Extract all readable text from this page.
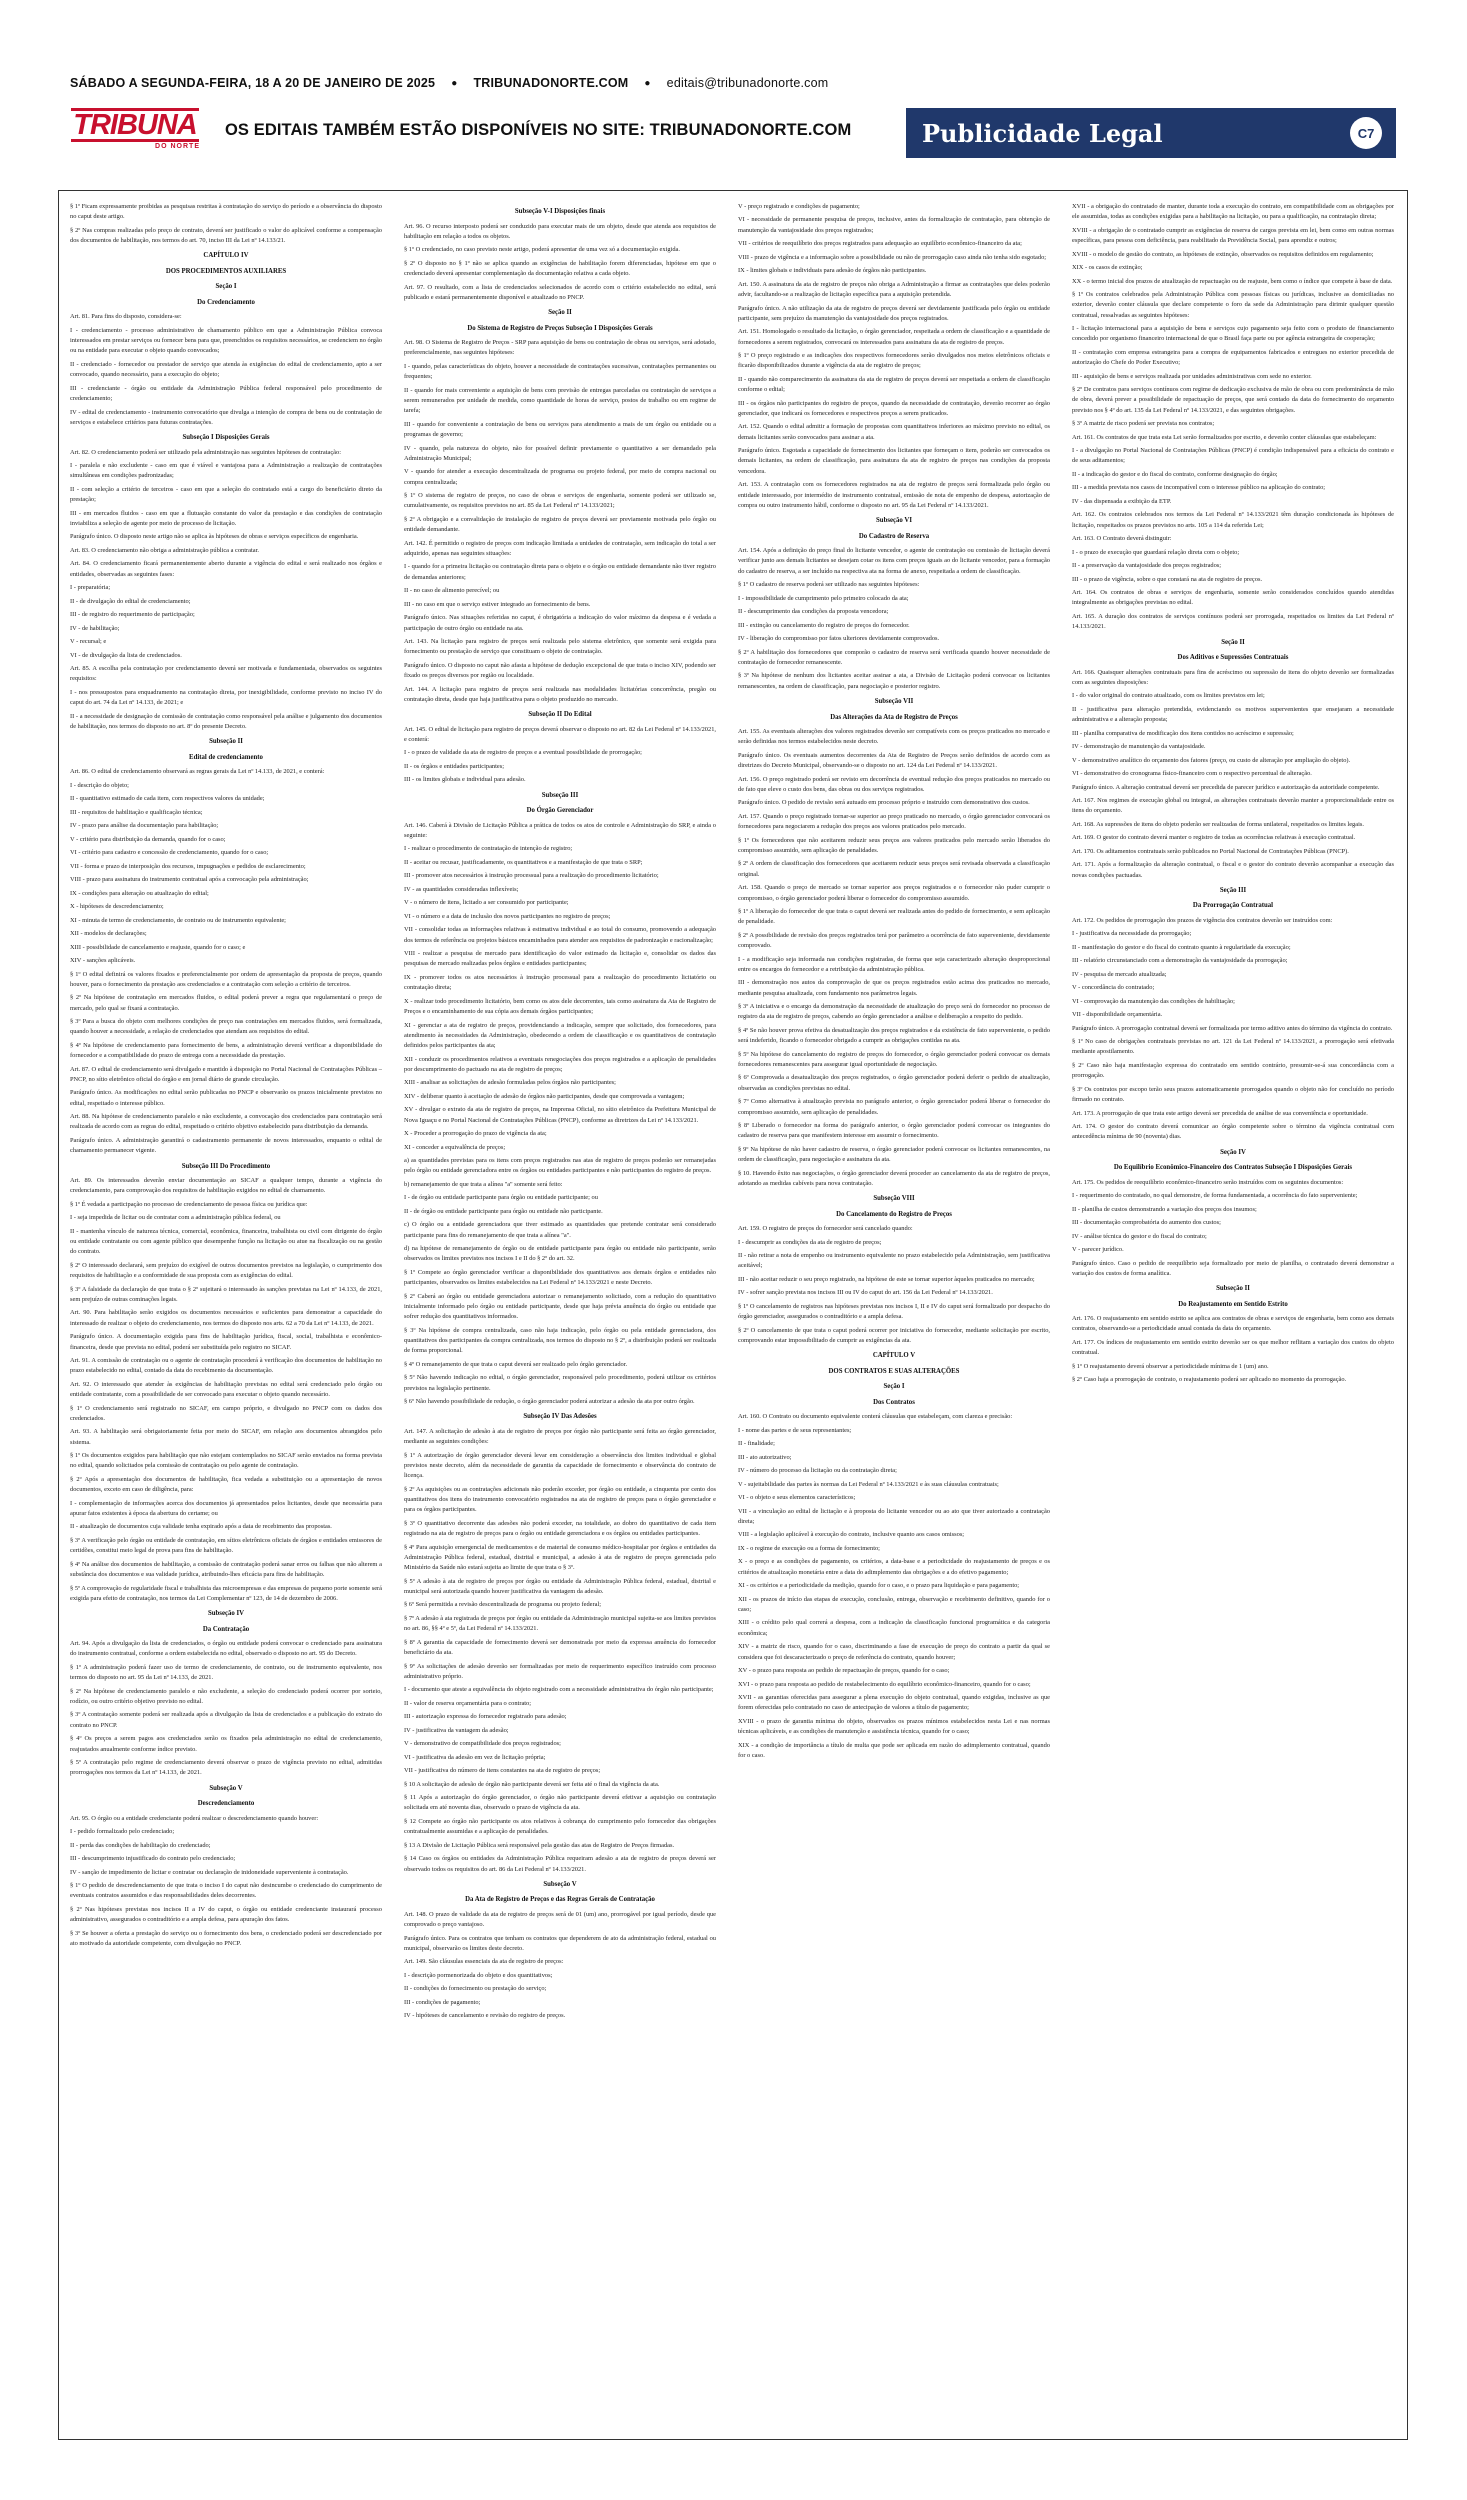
SÁBADO A SEGUNDA-FEIRA, 18 A 20 DE JANEIRO DE 2025 ● TRIBUNADONORTE.COM ● editais@tribunadonorte.com
TRIBUNA
DO NORTE
OS EDITAIS TAMBÉM ESTÃO DISPONÍVEIS NO SITE: TRIBUNADONORTE.COM	Publicidade Legal	C7

§ 1º Ficam expressamente proibidas as pesquisas restritas à contratação do serviço do período e a observância do disposto no caput deste artigo.

§ 2º Nas compras realizadas pelo preço de contrato, deverá ser justificado o valor do aplicável conforme a compensação dos documentos de habilitação, nos termos do art. 70, inciso III da Lei nº 14.133/21.

CAPÍTULO IV
DOS PROCEDIMENTOS AUXILIARES
Seção I
Do Credenciamento

Art. 81. Para fins do disposto, considera-se:

I - credenciamento - processo administrativo de chamamento público em que a Administração Pública convoca interessados em prestar serviços ou fornecer bens para que, preenchidos os requisitos necessários, se credenciem no órgão ou na entidade para executar o objeto quando convocados;

II - credenciado - fornecedor ou prestador de serviço que atenda às exigências do edital de credenciamento, apto a ser convocado, quando necessário, para a execução do objeto;

III - credenciante - órgão ou entidade da Administração Pública federal responsável pelo procedimento de credenciamento;

IV - edital de credenciamento - instrumento convocatório que divulga a intenção de compra de bens ou de contratação de serviços e estabelece critérios para futuras contratações.

Subseção I Disposições Gerais

Art. 82. O credenciamento poderá ser utilizado pela administração nas seguintes hipóteses de contratação:

I - paralela e não excludente - caso em que é viável e vantajosa para a Administração a realização de contratações simultâneas em condições padronizadas;

II - com seleção a critério de terceiros - caso em que a seleção do contratado está a cargo do beneficiário direto da prestação;

III - em mercados fluidos - caso em que a flutuação constante do valor da prestação e das condições de contratação inviabiliza a seleção de agente por meio de processo de licitação.

Parágrafo único. O disposto neste artigo não se aplica às hipóteses de obras e serviços específicos de engenharia.

Art. 83. O credenciamento não obriga a administração pública a contratar.

Art. 84. O credenciamento ficará permanentemente aberto durante a vigência do edital e será realizado nos órgãos e entidades, observadas as seguintes fases:

I - preparatória;

II - de divulgação do edital de credenciamento;

III - de registro do requerimento de participação;

IV - de habilitação;

V - recursal; e

VI - de divulgação da lista de credenciados.

Art. 85. A escolha pela contratação por credenciamento deverá ser motivada e fundamentada, observados os seguintes requisitos:

I - nos pressupostos para enquadramento na contratação direta, por inexigibilidade, conforme previsto no inciso IV do caput do art. 74 da Lei nº 14.133, de 2021; e

II - a necessidade de designação de comissão de contratação como responsável pela análise e julgamento dos documentos de habilitação, nos termos do disposto no art. 8º do presente Decreto.

Subseção II
Edital de credenciamento

Art. 86. O edital de credenciamento observará as regras gerais da Lei nº 14.133, de 2021, e conterá:

I - descrição do objeto;

II - quantitativo estimado de cada item, com respectivos valores da unidade;

III - requisitos de habilitação e qualificação técnica;

IV - prazo para análise da documentação para habilitação;

V - critério para distribuição da demanda, quando for o caso;

VI - critério para cadastro e concessão de credenciamento, quando for o caso;

VII - forma e prazo de interposição dos recursos, impugnações e pedidos de esclarecimento;

VIII - prazo para assinatura do instrumento contratual após a convocação pela administração;

IX - condições para alteração ou atualização do edital;

X - hipóteses de descredenciamento;

XI - minuta de termo de credenciamento, de contrato ou de instrumento equivalente;

XII - modelos de declarações;

XIII - possibilidade de cancelamento e reajuste, quando for o caso; e

XIV - sanções aplicáveis.

§ 1º O edital definirá os valores fixados e preferencialmente por ordem de apresentação da proposta de preços, quando houver, para o fornecimento da prestação aos credenciados e a contratação com seleção a critério de terceiros.

§ 2º Na hipótese de contratação em mercados fluidos, o edital poderá prever a regra que regulamentará o preço de mercado, pelo qual se fixará a contratação.

§ 3º Para a busca do objeto com melhores condições de preço nas contratações em mercados fluidos, será formalizada, quando houver a necessidade, a relação de credenciados que atendam aos requisitos do edital.

§ 4º Na hipótese de credenciamento para fornecimento de bens, a administração deverá verificar a disponibilidade do fornecedor e a compatibilidade do prazo de entrega com a necessidade da prestação.

Art. 87. O edital de credenciamento será divulgado e mantido à disposição no Portal Nacional de Contratações Públicas – PNCP, no sítio eletrônico oficial do órgão e em jornal diário de grande circulação.

Parágrafo único. As modificações no edital serão publicadas no PNCP e observarão os prazos inicialmente previstos no edital, respeitado o interesse público.

Art. 88. Na hipótese de credenciamento paralelo e não excludente, a convocação dos credenciados para contratação será realizada de acordo com as regras do edital, respeitado o critério objetivo estabelecido para distribuição da demanda.

Parágrafo único. A administração garantirá o cadastramento permanente de novos interessados, enquanto o edital de chamamento permanecer vigente.

Subseção III Do Procedimento

Art. 89. Os interessados deverão enviar documentação ao SICAF a qualquer tempo, durante a vigência do credenciamento, para comprovação dos requisitos de habilitação exigidos no edital de chamamento.

§ 1º É vedada a participação no processo de credenciamento de pessoa física ou jurídica que:

I - seja impedida de licitar ou de contratar com a administração pública federal, ou

II - mantenha vínculo de natureza técnica, comercial, econômica, financeira, trabalhista ou civil com dirigente do órgão ou entidade contratante ou com agente público que desempenhe função na licitação ou atue na fiscalização ou na gestão do contrato.

§ 2º O interessado declarará, sem prejuízo do exigível de outros documentos previstos na legislação, o cumprimento dos requisitos de habilitação e a conformidade de sua proposta com as exigências do edital.

§ 3º A falsidade da declaração de que trata o § 2º sujeitará o interessado às sanções previstas na Lei nº 14.133, de 2021, sem prejuízo de outras cominações legais.

Art. 90. Para habilitação serão exigidos os documentos necessários e suficientes para demonstrar a capacidade do interessado de realizar o objeto do credenciamento, nos termos do disposto nos arts. 62 a 70 da Lei nº 14.133, de 2021.

Parágrafo único. A documentação exigida para fins de habilitação jurídica, fiscal, social, trabalhista e econômico-financeira, desde que prevista no edital, poderá ser substituída pelo registro no SICAF.

Art. 91. A comissão de contratação ou o agente de contratação procederá à verificação dos documentos de habilitação no prazo estabelecido no edital, contado da data do recebimento da documentação.

Art. 92. O interessado que atender às exigências de habilitação previstas no edital será credenciado pelo órgão ou entidade contratante, com a possibilidade de ser convocado para executar o objeto quando necessário.

§ 1º O credenciamento será registrado no SICAF, em campo próprio, e divulgado no PNCP com os dados dos credenciados.

Art. 93. A habilitação será obrigatoriamente feita por meio do SICAF, em relação aos documentos abrangidos pelo sistema.

§ 1º Os documentos exigidos para habilitação que não estejam contemplados no SICAF serão enviados na forma prevista no edital, quando solicitados pela comissão de contratação ou pelo agente de contratação.

§ 2º Após a apresentação dos documentos de habilitação, fica vedada a substituição ou a apresentação de novos documentos, exceto em caso de diligência, para:

I - complementação de informações acerca dos documentos já apresentados pelos licitantes, desde que necessária para apurar fatos existentes à época da abertura do certame; ou

II - atualização de documentos cuja validade tenha expirado após a data de recebimento das propostas.

§ 3º A verificação pelo órgão ou entidade de contratação, em sítios eletrônicos oficiais de órgãos e entidades emissores de certidões, constitui meio legal de prova para fins de habilitação.

§ 4º Na análise dos documentos de habilitação, a comissão de contratação poderá sanar erros ou falhas que não alterem a substância dos documentos e sua validade jurídica, atribuindo-lhes eficácia para fins de habilitação.

§ 5º A comprovação de regularidade fiscal e trabalhista das microempresas e das empresas de pequeno porte somente será exigida para efeito de contratação, nos termos da Lei Complementar nº 123, de 14 de dezembro de 2006.

Subseção IV
Da Contratação

Art. 94. Após a divulgação da lista de credenciados, o órgão ou entidade poderá convocar o credenciado para assinatura do instrumento contratual, conforme a ordem estabelecida no edital, observado o disposto no art. 95 do Decreto.

§ 1º A administração poderá fazer uso de termo de credenciamento, de contrato, ou de instrumento equivalente, nos termos do disposto no art. 95 da Lei nº 14.133, de 2021.

§ 2º Na hipótese de credenciamento paralelo e não excludente, a seleção do credenciado poderá ocorrer por sorteio, rodízio, ou outro critério objetivo previsto no edital.

§ 3º A contratação somente poderá ser realizada após a divulgação da lista de credenciados e a publicação do extrato do contrato no PNCP.

§ 4º Os preços a serem pagos aos credenciados serão os fixados pela administração no edital de credenciamento, reajustados anualmente conforme índice previsto.

§ 5º A contratação pelo regime de credenciamento deverá observar o prazo de vigência previsto no edital, admitidas prorrogações nos termos da Lei nº 14.133, de 2021.

Subseção V
Descredenciamento

Art. 95. O órgão ou a entidade credenciante poderá realizar o descredenciamento quando houver:

I - pedido formalizado pelo credenciado;

II - perda das condições de habilitação do credenciado;

III - descumprimento injustificado do contrato pelo credenciado;

IV - sanção de impedimento de licitar e contratar ou declaração de inidoneidade superveniente à contratação.

§ 1º O pedido de descredenciamento de que trata o inciso I do caput não desincumbe o credenciado do cumprimento de eventuais contratos assumidos e das responsabilidades deles decorrentes.

§ 2º Nas hipóteses previstas nos incisos II a IV do caput, o órgão ou entidade credenciante instaurará processo administrativo, assegurados o contraditório e a ampla defesa, para apuração dos fatos.

§ 3º Se houver a oferta a prestação do serviço ou o fornecimento dos bens, o credenciado poderá ser descredenciado por ato motivado da autoridade competente, com divulgação no PNCP.

Subseção V-I Disposições finais

Art. 96. O recurso interposto poderá ser conduzido para executar mais de um objeto, desde que atenda aos requisitos de habilitação em relação a todos os objetos.

§ 1º O credenciado, no caso previsto neste artigo, poderá apresentar de uma vez só a documentação exigida.

§ 2º O disposto no § 1º não se aplica quando as exigências de habilitação forem diferenciadas, hipótese em que o credenciado deverá apresentar complementação da documentação relativa a cada objeto.

Art. 97. O resultado, com a lista de credenciados selecionados de acordo com o critério estabelecido no edital, será publicado e estará permanentemente disponível e atualizado no PNCP.

Seção II
Do Sistema de Registro de Preços Subseção I Disposições Gerais

Art. 98. O Sistema de Registro de Preços - SRP para aquisição de bens ou contratação de obras ou serviços, será adotado, preferencialmente, nas seguintes hipóteses:

I - quando, pelas características do objeto, houver a necessidade de contratações sucessivas, contratações permanentes ou frequentes;

II - quando for mais conveniente a aquisição de bens com previsão de entregas parceladas ou contratação de serviços a serem remunerados por unidade de medida, como quantidade de horas de serviço, postos de trabalho ou em regime de tarefa;

III - quando for conveniente a contratação de bens ou serviços para atendimento a mais de um órgão ou entidade ou a programas de governo;

IV - quando, pela natureza do objeto, não for possível definir previamente o quantitativo a ser demandado pela Administração Municipal;

V - quando for atender a execução descentralizada de programa ou projeto federal, por meio de compra nacional ou compra centralizada;

§ 1º O sistema de registro de preços, no caso de obras e serviços de engenharia, somente poderá ser utilizado se, cumulativamente, os requisitos previstos no art. 85 da Lei Federal nº 14.133/2021;

§ 2º A obrigação e a convalidação de instalação de registro de preços deverá ser previamente motivada pelo órgão ou entidade demandante.

Art. 142. É permitido o registro de preços com indicação limitada a unidades de contratação, sem indicação do total a ser adquirido, apenas nas seguintes situações:

I - quando for a primeira licitação ou contratação direta para o objeto e o órgão ou entidade demandante não tiver registro de demandas anteriores;

II - no caso de alimento perecível; ou

III - no caso em que o serviço estiver integrado ao fornecimento de bens.

Parágrafo único. Nas situações referidas no caput, é obrigatória a indicação do valor máximo da despesa e é vedada a participação de outro órgão ou entidade na ata.

Art. 143. Na licitação para registro de preços será realizada pelo sistema eletrônico, que somente será exigida para fornecimento ou prestação de serviço que constituam o objeto de contratação.

Parágrafo único. O disposto no caput não afasta a hipótese de dedução excepcional de que trata o inciso XIV, podendo ser fixado os preços diversos por região ou localidade.

Art. 144. A licitação para registro de preços será realizada nas modalidades licitatórias concorrência, pregão ou contratação direta, desde que haja justificativa para o objeto produzido no mercado.

Subseção II Do Edital

Art. 145. O edital de licitação para registro de preços deverá observar o disposto no art. 82 da Lei Federal nº 14.133/2021, e conterá:

I - o prazo de validade da ata de registro de preços e a eventual possibilidade de prorrogação;

II - os órgãos e entidades participantes;

III - os limites globais e individual para adesão.

Subseção III
Do Órgão Gerenciador

Art. 146. Caberá à Divisão de Licitação Pública a prática de todos os atos de controle e Administração do SRP, e ainda o seguinte:

I - realizar o procedimento de contratação de intenção de registro;

II - aceitar ou recusar, justificadamente, os quantitativos e a manifestação de que trata o SRP;

III - promover atos necessários à instrução processual para a realização do procedimento licitatório;

IV - as quantidades consideradas inflexíveis;

V - o número de itens, licitado a ser consumido por participante;

VI - o número e a data de inclusão dos novos participantes no registro de preços;

VII - consolidar todas as informações relativas à estimativa individual e ao total do consumo, promovendo a adequação dos termos de referência ou projetos básicos encaminhados para atender aos requisitos de padronização e racionalização;

VIII - realizar a pesquisa de mercado para identificação do valor estimado da licitação e, consolidar os dados das pesquisas de mercado realizadas pelos órgãos e entidades participantes;

IX - promover todos os atos necessários à instrução processual para a realização do procedimento licitatório ou contratação direta;

X - realizar todo procedimento licitatório, bem como os atos dele decorrentes, tais como assinatura da Ata de Registro de Preços e o encaminhamento de sua cópia aos demais órgãos participantes;

XI - gerenciar a ata de registro de preços, providenciando a indicação, sempre que solicitado, dos fornecedores, para atendimento às necessidades da Administração, obedecendo a ordem de classificação e os quantitativos de contratação definidos pelos participantes da ata;

XII - conduzir os procedimentos relativos a eventuais renegociações dos preços registrados e a aplicação de penalidades por descumprimento do pactuado na ata de registro de preços;

XIII - analisar as solicitações de adesão formuladas pelos órgãos não participantes;

XIV - deliberar quanto à aceitação de adesão de órgãos não participantes, desde que comprovada a vantagem;

XV - divulgar o extrato da ata de registro de preços, na Imprensa Oficial, no sítio eletrônico da Prefeitura Municipal de Nova Iguaçu e no Portal Nacional de Contratações Públicas (PNCP), conforme as diretrizes da Lei nº 14.133/2021.

X - Proceder a prorrogação do prazo de vigência da ata;

XI - conceder a equivalência de preços;

a) as quantidades previstas para os itens com preços registrados nas atas de registro de preços poderão ser remanejadas pelo órgão ou entidade gerenciadora entre os órgãos ou entidades participantes e não participantes do registro de preços.

b) remanejamento de que trata a alínea "a" somente será feito:

I - de órgão ou entidade participante para órgão ou entidade participante; ou

II - de órgão ou entidade participante para órgão ou entidade não participante.

c) O órgão ou a entidade gerenciadora que tiver estimado as quantidades que pretende contratar será considerado participante para fins do remanejamento de que trata a alínea "a".

d) na hipótese de remanejamento de órgão ou de entidade participante para órgão ou entidade não participante, serão observados os limites previstos nos incisos I e II do § 2º do art. 32.

§ 1º Compete ao órgão gerenciador verificar a disponibilidade dos quantitativos aos demais órgãos e entidades não participantes, observados os limites estabelecidos na Lei Federal nº 14.133/2021 e neste Decreto.

§ 2º Caberá ao órgão ou entidade gerenciadora autorizar o remanejamento solicitado, com a redução do quantitativo inicialmente informado pelo órgão ou entidade participante, desde que haja prévia anuência do órgão ou entidade que sofrer redução dos quantitativos informados.

§ 3º Na hipótese de compra centralizada, caso não haja indicação, pelo órgão ou pela entidade gerenciadora, dos quantitativos dos participantes da compra centralizada, nos termos do disposto no § 2º, a distribuição poderá ser realizada de forma proporcional.

§ 4º O remanejamento de que trata o caput deverá ser realizado pelo órgão gerenciador.

§ 5º Não havendo indicação no edital, o órgão gerenciador, responsável pelo procedimento, poderá utilizar os critérios previstos na legislação pertinente.

§ 6º Não havendo possibilidade de redução, o órgão gerenciador poderá autorizar a adesão da ata por outro órgão.

Subseção IV Das Adesões

Art. 147. A solicitação de adesão à ata de registro de preços por órgão não participante será feita ao órgão gerenciador, mediante as seguintes condições:

§ 1º A autorização de órgão gerenciador deverá levar em consideração a observância dos limites individual e global previstos neste decreto, além da necessidade de garantia da capacidade de fornecimento e observância do contrato de licença.

§ 2º As aquisições ou as contratações adicionais não poderão exceder, por órgão ou entidade, a cinquenta por cento dos quantitativos dos itens do instrumento convocatório registrados na ata de registro de preços para o órgão gerenciador e para os órgãos participantes.

§ 3º O quantitativo decorrente das adesões não poderá exceder, na totalidade, ao dobro do quantitativo de cada item registrado na ata de registro de preços para o órgão ou entidade gerenciadora e os órgãos ou entidades participantes.

§ 4º Para aquisição emergencial de medicamentos e de material de consumo médico-hospitalar por órgãos e entidades da Administração Pública federal, estadual, distrital e municipal, a adesão à ata de registro de preços gerenciada pelo Ministério da Saúde não estará sujeita ao limite de que trata o § 3º.

§ 5º A adesão à ata de registro de preços por órgão ou entidade da Administração Pública federal, estadual, distrital e municipal será autorizada quando houver justificativa da vantagem da adesão.

§ 6º Será permitida a revisão descentralizada de programa ou projeto federal;

§ 7º A adesão à ata registrada de preços por órgão ou entidade da Administração municipal sujeita-se aos limites previstos no art. 86, §§ 4º e 5º, da Lei Federal nº 14.133/2021.

§ 8º A garantia da capacidade de fornecimento deverá ser demonstrada por meio da expressa anuência do fornecedor beneficiário da ata.

§ 9º As solicitações de adesão deverão ser formalizadas por meio de requerimento específico instruído com processo administrativo próprio.

I - documento que ateste a equivalência do objeto registrado com a necessidade administrativa do órgão não participante;

II - valor de reserva orçamentária para o contrato;

III - autorização expressa do fornecedor registrado para adesão;

IV - justificativa da vantagem da adesão;

V - demonstrativo de compatibilidade dos preços registrados;

VI - justificativa da adesão em vez de licitação própria;

VII - justificativa do número de itens constantes na ata de registro de preços;

§ 10 A solicitação de adesão de órgão não participante deverá ser feita até o final da vigência da ata.

§ 11 Após a autorização do órgão gerenciador, o órgão não participante deverá efetivar a aquisição ou contratação solicitada em até noventa dias, observado o prazo de vigência da ata.

§ 12 Compete ao órgão não participante os atos relativos à cobrança do cumprimento pelo fornecedor das obrigações contratualmente assumidas e a aplicação de penalidades.

§ 13 A Divisão de Licitação Pública será responsável pela gestão das atas de Registro de Preços firmadas.

§ 14 Caso os órgãos ou entidades da Administração Pública requeiram adesão a ata de registro de preços deverá ser observado todos os requisitos do art. 86 da Lei Federal nº 14.133/2021.

Subseção V
Da Ata de Registro de Preços e das Regras Gerais de Contratação

Art. 148. O prazo de validade da ata de registro de preços será de 01 (um) ano, prorrogável por igual período, desde que comprovado o preço vantajoso.

Parágrafo único. Para os contratos que tenham os contratos que dependerem de ato da administração federal, estadual ou municipal, observarão os limites deste decreto.

Art. 149. São cláusulas essenciais da ata de registro de preços:

I - descrição pormenorizada do objeto e dos quantitativos;

II - condições do fornecimento ou prestação do serviço;

III - condições de pagamento;

IV - hipóteses de cancelamento e revisão do registro de preços.

V - preço registrado e condições de pagamento;

VI - necessidade de permanente pesquisa de preços, inclusive, antes da formalização de contratação, para obtenção de manutenção da vantajosidade dos preços registrados;

VII - critérios de reequilíbrio dos preços registrados para adequação ao equilíbrio econômico-financeiro da ata;

VIII - prazo de vigência e a informação sobre a possibilidade ou não de prorrogação caso ainda não tenha sido esgotado;

IX - limites globais e individuais para adesão de órgãos não participantes.

Art. 150. A assinatura da ata de registro de preços não obriga a Administração a firmar as contratações que deles poderão advir, facultando-se a realização de licitação específica para a aquisição pretendida.

Parágrafo único. A não utilização da ata de registro de preços deverá ser devidamente justificada pelo órgão ou entidade participante, sem prejuízo da manutenção da vantajosidade dos preços registrados.

Art. 151. Homologado o resultado da licitação, o órgão gerenciador, respeitada a ordem de classificação e a quantidade de fornecedores a serem registrados, convocará os interessados para assinatura da ata de registro de preços.

§ 1º O preço registrado e as indicações dos respectivos fornecedores serão divulgados nos meios eletrônicos oficiais e ficarão disponibilizados durante a vigência da ata de registro de preços;

II - quando não comparecimento da assinatura da ata de registro de preços deverá ser respeitada a ordem de classificação conforme o edital;

III - os órgãos não participantes do registro de preços, quando da necessidade de contratação, deverão recorrer ao órgão gerenciador, que indicará os fornecedores e respectivos preços a serem praticados.

Art. 152. Quando o edital admitir a formação de propostas com quantitativos inferiores ao máximo previsto no edital, os demais licitantes serão convocados para assinar a ata.

Parágrafo único. Esgotada a capacidade de fornecimento dos licitantes que forneçam o item, poderão ser convocados os demais licitantes, na ordem de classificação, para assinatura da ata de registro de preços nas condições da proposta vencedora.

Art. 153. A contratação com os fornecedores registrados na ata de registro de preços será formalizada pelo órgão ou entidade interessado, por intermédio de instrumento contratual, emissão de nota de empenho de despesa, autorização de compra ou outro instrumento hábil, conforme o disposto no art. 95 da Lei Federal nº 14.133/2021.

Subseção VI
Do Cadastro de Reserva

Art. 154. Após a definição do preço final do licitante vencedor, o agente de contratação ou comissão de licitação deverá verificar junto aos demais licitantes se desejam cotar os itens com preços iguais ao do licitante vencedor, para a formação do cadastro de reserva, a ser incluído na respectiva ata na forma de anexo, respeitada a ordem de classificação.

§ 1º O cadastro de reserva poderá ser utilizado nas seguintes hipóteses:

I - impossibilidade de cumprimento pelo primeiro colocado da ata;

II - descumprimento das condições da proposta vencedora;

III - extinção ou cancelamento do registro de preços do fornecedor.

IV - liberação do compromisso por fatos ulteriores devidamente comprovados.

§ 2º A habilitação dos fornecedores que comporão o cadastro de reserva será verificada quando houver necessidade de contratação de fornecedor remanescente.

§ 3º Na hipótese de nenhum dos licitantes aceitar assinar a ata, a Divisão de Licitação poderá convocar os licitantes remanescentes, na ordem de classificação, para negociação e posterior registro.

Subseção VII
Das Alterações da Ata de Registro de Preços

Art. 155. As eventuais alterações dos valores registrados deverão ser compatíveis com os preços praticados no mercado e serão definidas nos termos estabelecidos neste decreto.

Parágrafo único. Os eventuais aumentos decorrentes da Ata de Registro de Preços serão definidos de acordo com as diretrizes do Decreto Municipal, observando-se o disposto no art. 124 da Lei Federal nº 14.133/2021.

Art. 156. O preço registrado poderá ser revisto em decorrência de eventual redução dos preços praticados no mercado ou de fato que eleve o custo dos bens, das obras ou dos serviços registrados.

Parágrafo único. O pedido de revisão será autuado em processo próprio e instruído com demonstrativo dos custos.

Art. 157. Quando o preço registrado tornar-se superior ao preço praticado no mercado, o órgão gerenciador convocará os fornecedores para negociarem a redução dos preços aos valores praticados pelo mercado.

§ 1º Os fornecedores que não aceitarem reduzir seus preços aos valores praticados pelo mercado serão liberados do compromisso assumido, sem aplicação de penalidades.

§ 2º A ordem de classificação dos fornecedores que aceitarem reduzir seus preços será revisada observada a classificação original.

Art. 158. Quando o preço de mercado se tornar superior aos preços registrados e o fornecedor não puder cumprir o compromisso, o órgão gerenciador poderá liberar o fornecedor do compromisso assumido.

§ 1º A liberação do fornecedor de que trata o caput deverá ser realizada antes do pedido de fornecimento, e sem aplicação de penalidade.

§ 2º A possibilidade de revisão dos preços registrados terá por parâmetro a ocorrência de fato superveniente, devidamente comprovado.

I - a modificação seja informada nas condições registradas, de forma que seja caracterizado alteração desproporcional entre os encargos do fornecedor e a retribuição da administração pública.

III - demonstração nos autos da comprovação de que os preços registrados estão acima dos praticados no mercado, mediante pesquisa atualizada, com fundamento nos parâmetros legais.

§ 3º A iniciativa e o encargo da demonstração da necessidade de atualização do preço será do fornecedor no processo de registro da ata de registro de preços, cabendo ao órgão gerenciador a análise e deliberação a respeito do pedido.

§ 4º Se não houver prova efetiva da desatualização dos preços registrados e da existência de fato superveniente, o pedido será indeferido, ficando o fornecedor obrigado a cumprir as obrigações contidas na ata.

§ 5º Na hipótese do cancelamento do registro de preços do fornecedor, o órgão gerenciador poderá convocar os demais fornecedores remanescentes para assegurar igual oportunidade de negociação.

§ 6º Comprovada a desatualização dos preços registrados, o órgão gerenciador poderá deferir o pedido de atualização, observadas as condições previstas no edital.

§ 7º Como alternativa à atualização prevista no parágrafo anterior, o órgão gerenciador poderá liberar o fornecedor do compromisso assumido, sem aplicação de penalidades.

§ 8º Liberado o fornecedor na forma do parágrafo anterior, o órgão gerenciador poderá convocar os integrantes do cadastro de reserva para que manifestem interesse em assumir o fornecimento.

§ 9º Na hipótese de não haver cadastro de reserva, o órgão gerenciador poderá convocar os licitantes remanescentes, na ordem de classificação, para negociação e assinatura da ata.

§ 10. Havendo êxito nas negociações, o órgão gerenciador deverá proceder ao cancelamento da ata de registro de preços, adotando as medidas cabíveis para nova contratação.

Subseção VIII
Do Cancelamento do Registro de Preços

Art. 159. O registro de preços do fornecedor será cancelado quando:

I - descumprir as condições da ata de registro de preços;

II - não retirar a nota de empenho ou instrumento equivalente no prazo estabelecido pela Administração, sem justificativa aceitável;

III - não aceitar reduzir o seu preço registrado, na hipótese de este se tornar superior àqueles praticados no mercado;

IV - sofrer sanção prevista nos incisos III ou IV do caput do art. 156 da Lei Federal nº 14.133/2021.

§ 1º O cancelamento de registros nas hipóteses previstas nos incisos I, II e IV do caput será formalizado por despacho do órgão gerenciador, assegurados o contraditório e a ampla defesa.

§ 2º O cancelamento de que trata o caput poderá ocorrer por iniciativa do fornecedor, mediante solicitação por escrito, comprovando estar impossibilitado de cumprir as exigências da ata.

CAPÍTULO V
DOS CONTRATOS E SUAS ALTERAÇÕES
Seção I
Dos Contratos

Art. 160. O Contrato ou documento equivalente conterá cláusulas que estabeleçam, com clareza e precisão:

I - nome das partes e de seus representantes;

II - finalidade;

III - ato autorizativo;

IV - número do processo da licitação ou da contratação direta;

V - sujeitabilidade das partes às normas da Lei Federal nº 14.133/2021 e às suas cláusulas contratuais;

VI - o objeto e seus elementos característicos;

VII - a vinculação ao edital de licitação e à proposta do licitante vencedor ou ao ato que tiver autorizado a contratação direta;

VIII - a legislação aplicável à execução do contrato, inclusive quanto aos casos omissos;

IX - o regime de execução ou a forma de fornecimento;

X - o preço e as condições de pagamento, os critérios, a data-base e a periodicidade do reajustamento de preços e os critérios de atualização monetária entre a data do adimplemento das obrigações e a do efetivo pagamento;

XI - os critérios e a periodicidade da medição, quando for o caso, e o prazo para liquidação e para pagamento;

XII - os prazos de início das etapas de execução, conclusão, entrega, observação e recebimento definitivo, quando for o caso;

XIII - o crédito pelo qual correrá a despesa, com a indicação da classificação funcional programática e da categoria econômica;

XIV - a matriz de risco, quando for o caso, discriminando a fase de execução de preço do contrato a partir da qual se considera que foi descaracterizado o preço de referência do contrato, quando houver;

XV - o prazo para resposta ao pedido de repactuação de preços, quando for o caso;

XVI - o prazo para resposta ao pedido de restabelecimento do equilíbrio econômico-financeiro, quando for o caso;

XVII - as garantias oferecidas para assegurar a plena execução do objeto contratual, quando exigidas, inclusive as que forem oferecidas pelo contratado no caso de antecipação de valores a título de pagamento;

XVIII - o prazo de garantia mínima do objeto, observados os prazos mínimos estabelecidos nesta Lei e nas normas técnicas aplicáveis, e as condições de manutenção e assistência técnica, quando for o caso;

XIX - a condição de importância a título de multa que pode ser aplicada em razão do adimplemento contratual, quando for o caso.

XVII - a obrigação do contratado de manter, durante toda a execução do contrato, em compatibilidade com as obrigações por ele assumidas, todas as condições exigidas para a habilitação na licitação, ou para a qualificação, na contratação direta;

XVIII - a obrigação de o contratado cumprir as exigências de reserva de cargos prevista em lei, bem como em outras normas específicas, para pessoa com deficiência, para reabilitado da Previdência Social, para aprendiz e outros;

XVIII - o modelo de gestão do contrato, as hipóteses de extinção, observados os requisitos definidos em regulamento;

XIX - os casos de extinção;

XX - o termo inicial dos prazos de atualização de repactuação ou de reajuste, bem como o índice que compete à base de data.

§ 1º Os contratos celebrados pela Administração Pública com pessoas físicas ou jurídicas, inclusive as domiciliadas no exterior, deverão conter cláusula que declare competente o foro da sede da Administração para dirimir qualquer questão contratual, ressalvadas as seguintes hipóteses:

I - licitação internacional para a aquisição de bens e serviços cujo pagamento seja feito com o produto de financiamento concedido por organismo financeiro internacional de que o Brasil faça parte ou por agência estrangeira de cooperação;

II - contratação com empresa estrangeira para a compra de equipamentos fabricados e entregues no exterior precedida de autorização do Chefe do Poder Executivo;

III - aquisição de bens e serviços realizada por unidades administrativas com sede no exterior.

§ 2º De contratos para serviços contínuos com regime de dedicação exclusiva de mão de obra ou com predominância de mão de obra, deverá prever a possibilidade de repactuação de preços, que será contado da data do fornecimento do orçamento previsto nos § 4º do art. 135 da Lei Federal nº 14.133/2021, e das seguintes obrigações.

§ 3º A matriz de risco poderá ser prevista nos contratos;

Art. 161. Os contratos de que trata esta Lei serão formalizados por escrito, e deverão conter cláusulas que estabeleçam:

I - a divulgação no Portal Nacional de Contratações Públicas (PNCP) é condição indispensável para a eficácia do contrato e de seus aditamentos;

II - a indicação do gestor e do fiscal do contrato, conforme designação do órgão;

III - a medida prevista nos casos de incompatível com o interesse público na aplicação do contrato;

IV - das dispensada a exibição da ETP.

Art. 162. Os contratos celebrados nos termos da Lei Federal nº 14.133/2021 têm duração condicionada às hipóteses de licitação, respeitados os prazos previstos no arts. 105 a 114 da referida Lei;

Art. 163. O Contrato deverá distinguir:

I - o prazo de execução que guardará relação direta com o objeto;

II - a preservação da vantajosidade dos preços registrados;

III - o prazo de vigência, sobre o que constará na ata de registro de preços.

Art. 164. Os contratos de obras e serviços de engenharia, somente serão considerados concluídos quando atendidas integralmente as obrigações previstas no edital.

Art. 165. A duração dos contratos de serviços contínuos poderá ser prorrogada, respeitados os limites da Lei Federal nº 14.133/2021.

Seção II
Dos Aditivos e Supressões Contratuais

Art. 166. Quaisquer alterações contratuais para fins de acréscimo ou supressão de itens do objeto deverão ser formalizadas com as seguintes disposições:

I - do valor original do contrato atualizado, com os limites previstos em lei;

II - justificativa para alteração pretendida, evidenciando os motivos supervenientes que ensejaram a necessidade administrativa e a alteração proposta;

III - planilha comparativa de modificação dos itens contidos no acréscimo e supressão;

IV - demonstração de manutenção da vantajosidade.

V - demonstrativo analítico do orçamento dos fatores (preço, ou custo de alteração por ampliação do objeto).

VI - demonstrativo do cronograma físico-financeiro com o respectivo percentual de alteração.

Parágrafo único. A alteração contratual deverá ser precedida de parecer jurídico e autorização da autoridade competente.

Art. 167. Nos regimes de execução global ou integral, as alterações contratuais deverão manter a proporcionalidade entre os itens do orçamento.

Art. 168. As supressões de itens do objeto poderão ser realizadas de forma unilateral, respeitados os limites legais.

Art. 169. O gestor do contrato deverá manter o registro de todas as ocorrências relativas à execução contratual.

Art. 170. Os aditamentos contratuais serão publicados no Portal Nacional de Contratações Públicas (PNCP).

Art. 171. Após a formalização da alteração contratual, o fiscal e o gestor do contrato deverão acompanhar a execução das novas condições pactuadas.

Seção III
Da Prorrogação Contratual

Art. 172. Os pedidos de prorrogação dos prazos de vigência dos contratos deverão ser instruídos com:

I - justificativa da necessidade da prorrogação;

II - manifestação do gestor e do fiscal do contrato quanto à regularidade da execução;

III - relatório circunstanciado com a demonstração da vantajosidade da prorrogação;

IV - pesquisa de mercado atualizada;

V - concordância do contratado;

VI - comprovação da manutenção das condições de habilitação;

VII - disponibilidade orçamentária.

Parágrafo único. A prorrogação contratual deverá ser formalizada por termo aditivo antes do término da vigência do contrato.

§ 1º No caso de obrigações contratuais previstas no art. 121 da Lei Federal nº 14.133/2021, a prorrogação será efetivada mediante apostilamento.

§ 2º Caso não haja manifestação expressa do contratado em sentido contrário, presumir-se-á sua concordância com a prorrogação.

§ 3º Os contratos por escopo terão seus prazos automaticamente prorrogados quando o objeto não for concluído no período firmado no contrato.

Art. 173. A prorrogação de que trata este artigo deverá ser precedida de análise de sua conveniência e oportunidade.

Art. 174. O gestor do contrato deverá comunicar ao órgão competente sobre o término da vigência contratual com antecedência mínima de 90 (noventa) dias.

Seção IV
Do Equilíbrio Econômico-Financeiro dos Contratos Subseção I Disposições Gerais

Art. 175. Os pedidos de reequilíbrio econômico-financeiro serão instruídos com os seguintes documentos:

I - requerimento do contratado, no qual demonstre, de forma fundamentada, a ocorrência do fato superveniente;

II - planilha de custos demonstrando a variação dos preços dos insumos;

III - documentação comprobatória do aumento dos custos;

IV - análise técnica do gestor e do fiscal do contrato;

V - parecer jurídico.

Parágrafo único. Caso o pedido de reequilíbrio seja formalizado por meio de planilha, o contratado deverá demonstrar a variação dos custos de forma analítica.

Subseção II
Do Reajustamento em Sentido Estrito

Art. 176. O reajustamento em sentido estrito se aplica aos contratos de obras e serviços de engenharia, bem como aos demais contratos, observando-se a periodicidade anual contada da data do orçamento.

Art. 177. Os índices de reajustamento em sentido estrito deverão ser os que melhor reflitam a variação dos custos do objeto contratual.

§ 1º O reajustamento deverá observar a periodicidade mínima de 1 (um) ano.

§ 2º Caso haja a prorrogação de contrato, o reajustamento poderá ser aplicado no momento da prorrogação.
